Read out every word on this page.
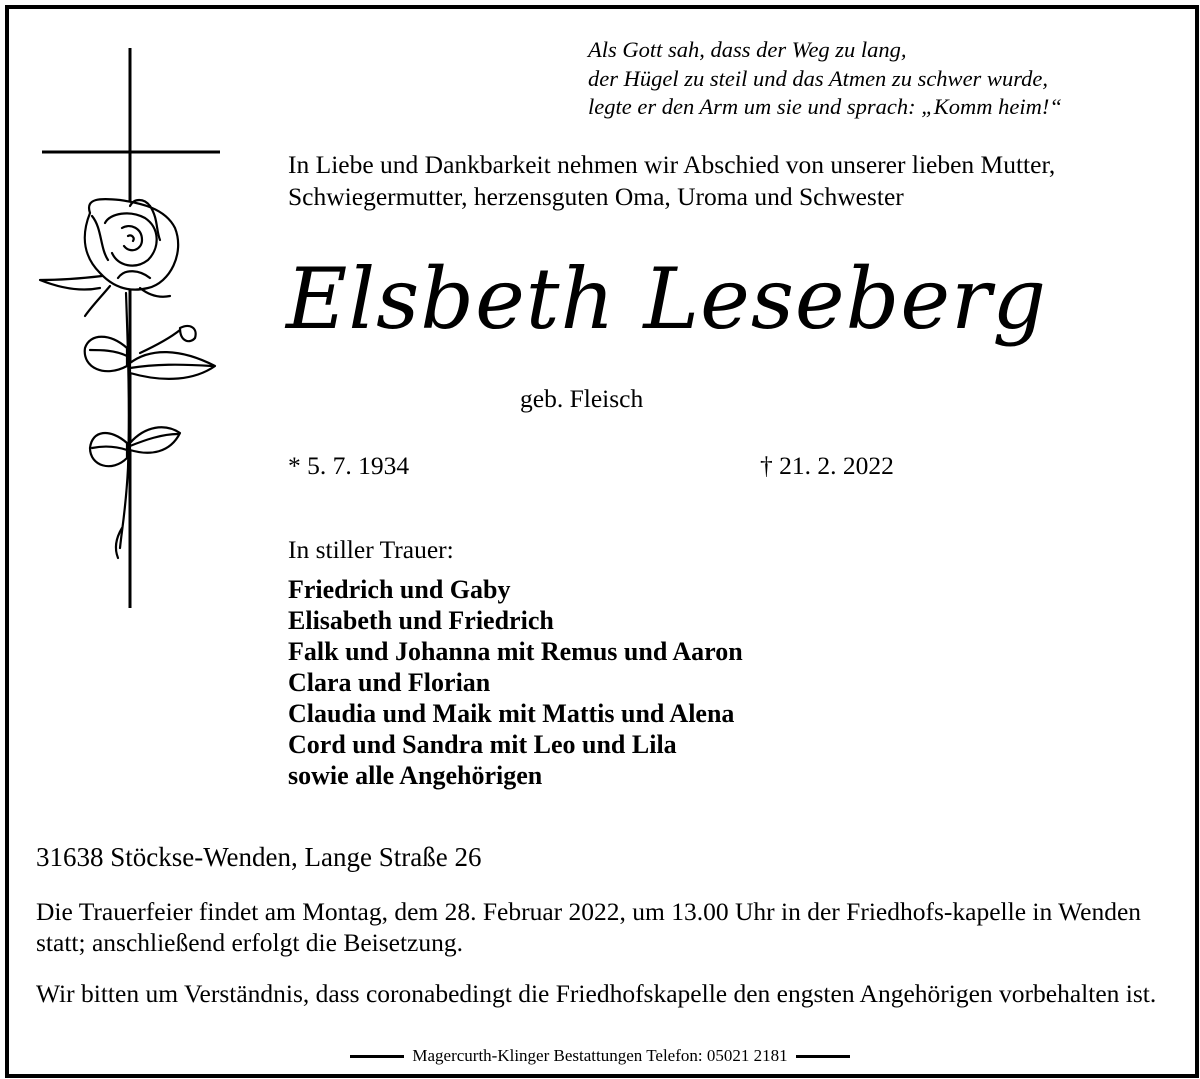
Als Gott sah, dass der Weg zu lang,
der Hügel zu steil und das Atmen zu schwer wurde,
legte er den Arm um sie und sprach: „Komm heim!“
In Liebe und Dankbarkeit nehmen wir Abschied von unserer lieben Mutter,
Schwiegermutter, herzensguten Oma, Uroma und Schwester
Elsbeth Leseberg
geb. Fleisch
* 5. 7. 1934	† 21. 2. 2022
In stiller Trauer:
Friedrich und Gaby
Elisabeth und Friedrich
Falk und Johanna mit Remus und Aaron
Clara und Florian
Claudia und Maik mit Mattis und Alena
Cord und Sandra mit Leo und Lila
sowie alle Angehörigen
31638 Stöckse-Wenden, Lange Straße 26
Die Trauerfeier findet am Montag, dem 28. Februar 2022, um 13.00 Uhr in der Friedhofs-kapelle in Wenden statt; anschließend erfolgt die Beisetzung.
Wir bitten um Verständnis, dass coronabedingt die Friedhofskapelle den engsten Angehörigen vorbehalten ist.
Magercurth-Klinger Bestattungen Telefon: 05021 2181
